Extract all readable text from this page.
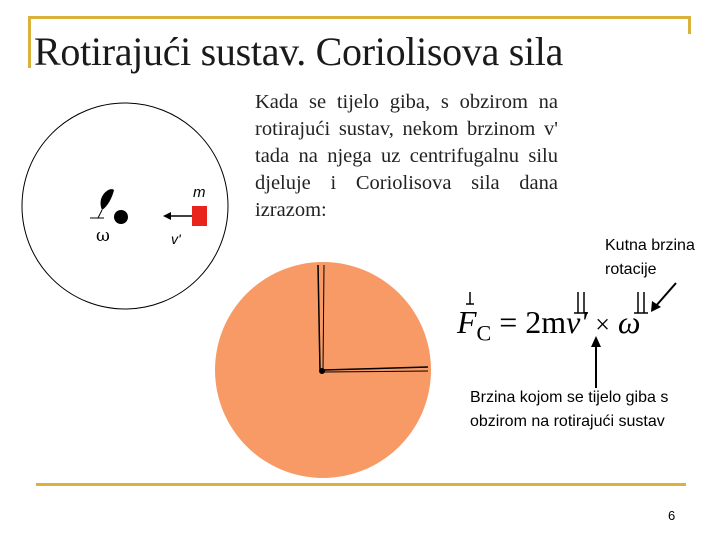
Rotirajući sustav. Coriolisova sila
Kada se tijelo giba, s obzirom na rotirajući sustav, nekom brzinom v' tada na njega uz centrifugalnu silu djeluje i Coriolisova sila dana izrazom:
ω
m
v'
$F_C = 2mv' \times \omega$
Kutna brzina rotacije
Brzina kojom se tijelo giba s obzirom na rotirajući sustav
6
